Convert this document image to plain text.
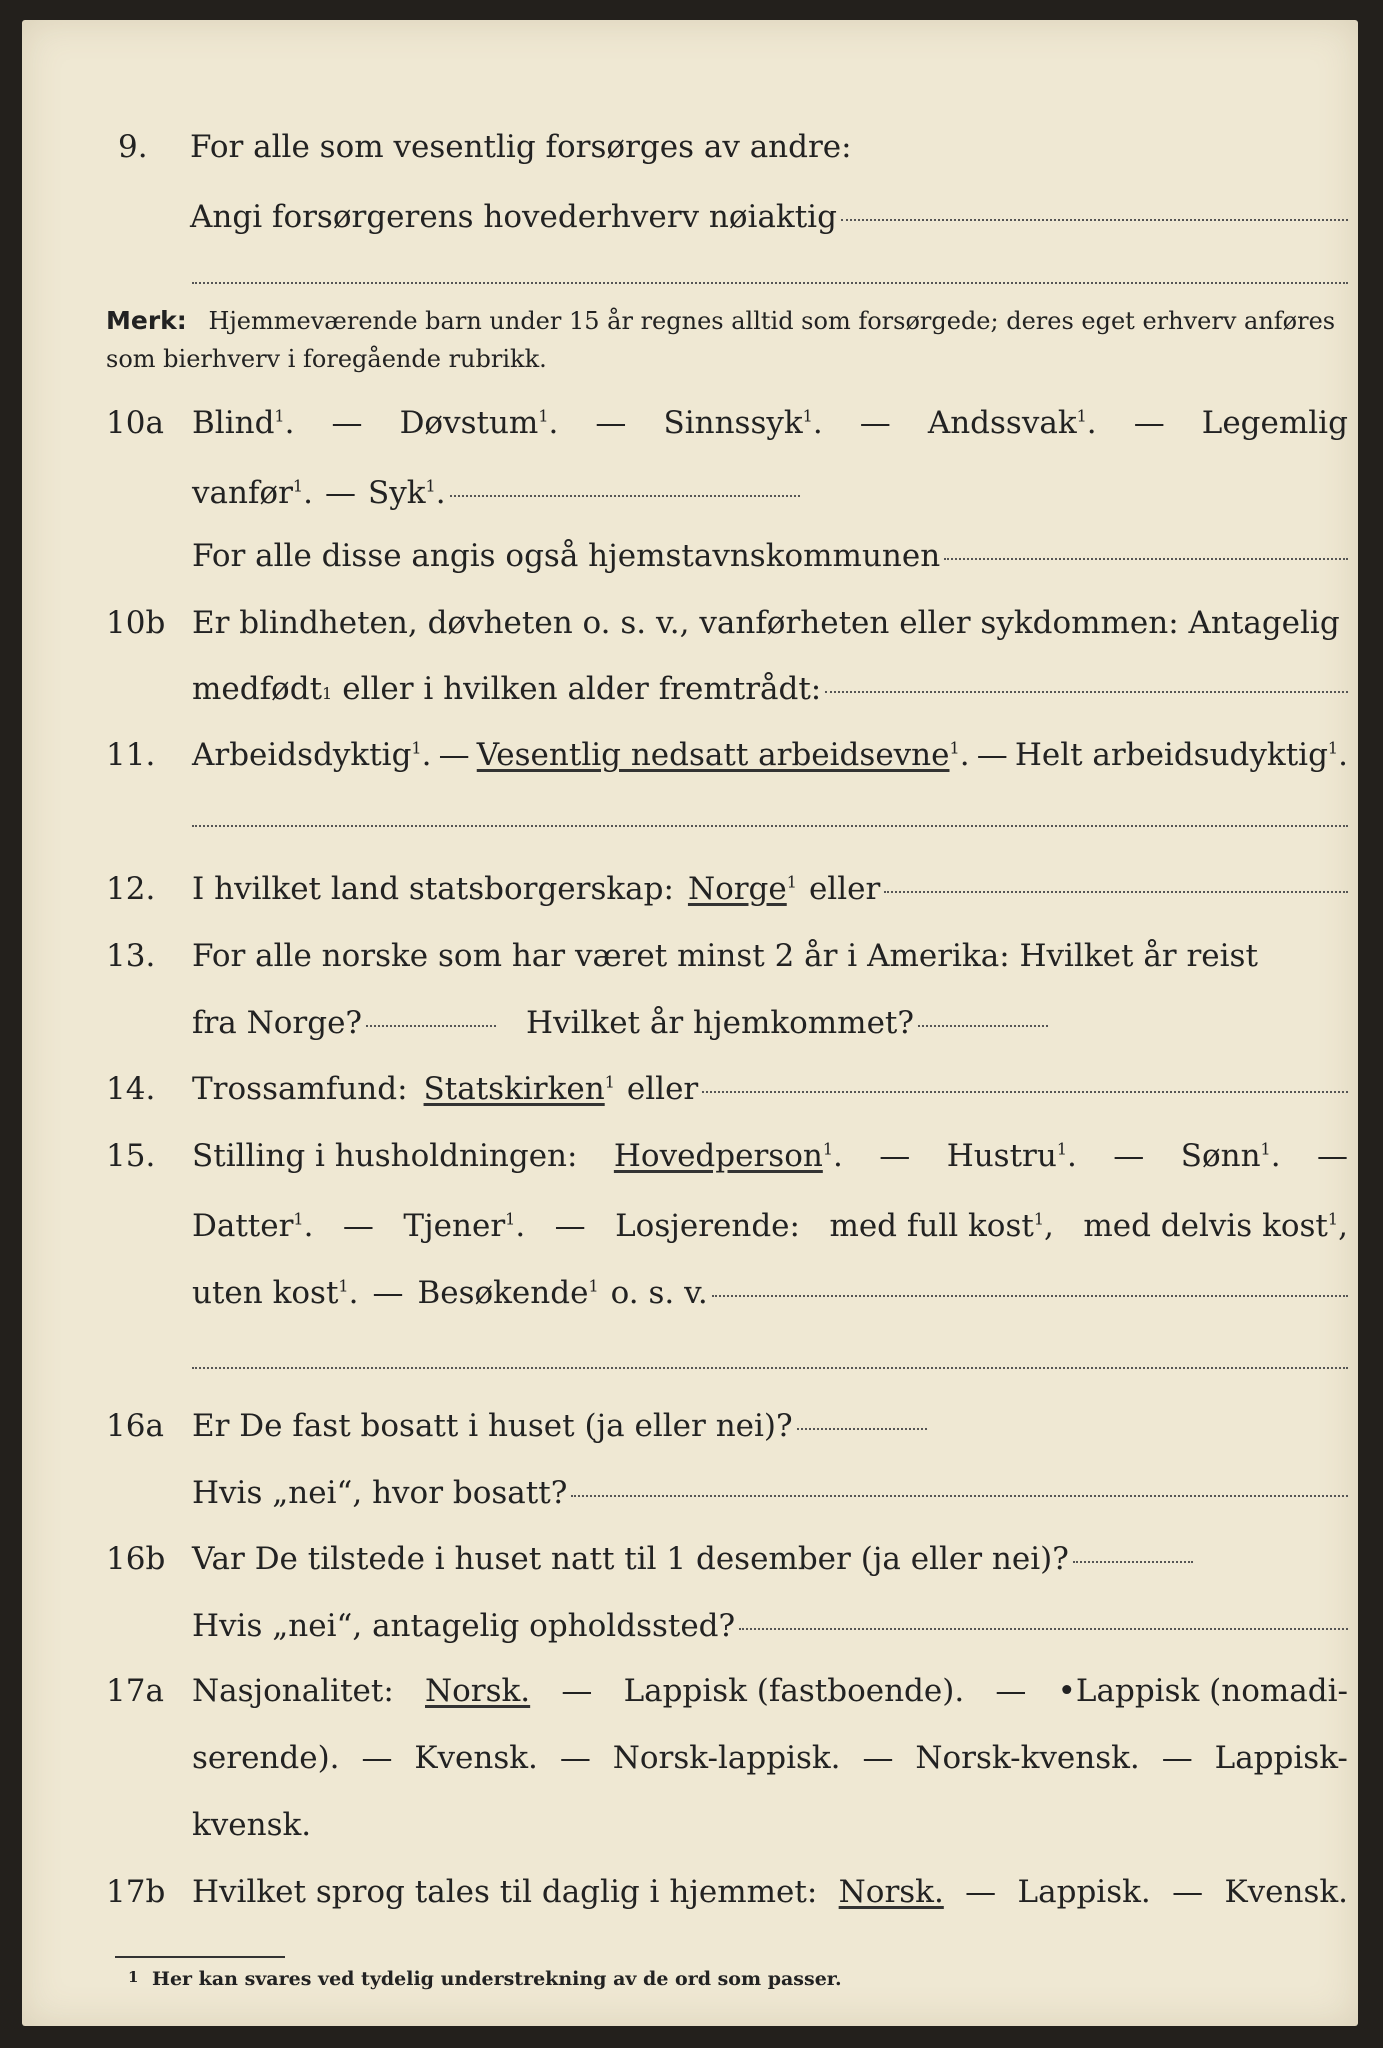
9.	For alle som vesentlig forsørges av andre:
Angi forsørgerens hovederhverv nøiaktig
Merk: Hjemmeværende barn under 15 år regnes alltid som forsørgede; deres eget erhverv anføres som bierhverv i foregående rubrikk.
10a Blind$^1$. — Døvstum$^1$. — Sinnssyk$^1$. — Andssvak$^1$. — Legemlig
vanfør$^1$. — Syk$^1$.
For alle disse angis også hjemstavnskommunen
10b Er blindheten, døvheten o. s. v., vanførheten eller sykdommen: Antagelig
medfødt 1 eller i hvilken alder fremtrådt:
11.	Arbeidsdyktig$^1$. — Vesentlig nedsatt arbeidsevne$^1$. — Helt arbeidsudyktig$^1$.
12.	I hvilket land statsborgerskap: Norge$^1$ eller
13.	For alle norske som har været minst 2 år i Amerika: Hvilket år reist
fra Norge?	Hvilket år hjemkommet?
14.	Trossamfund: Statskirken$^1$ eller
15.	Stilling i husholdningen: Hovedperson$^1$. — Hustru$^1$. — Sønn$^1$. —
Datter$^1$. — Tjener$^1$. — Losjerende: med full kost$^1$, med delvis kost$^1$,
uten kost$^1$. — Besøkende$^1$ o. s. v.
16a Er De fast bosatt i huset (ja eller nei)?
Hvis „nei“, hvor bosatt?
16b Var De tilstede i huset natt til 1 desember (ja eller nei)?
Hvis „nei“, antagelig opholdssted?
17a Nasjonalitet: Norsk. — Lappisk (fastboende). — •Lappisk (nomadi-
serende). — Kvensk. — Norsk-lappisk. — Norsk-kvensk. — Lappisk-
kvensk.
17b Hvilket sprog tales til daglig i hjemmet: Norsk. — Lappisk. — Kvensk.
1 Her kan svares ved tydelig understrekning av de ord som passer.
